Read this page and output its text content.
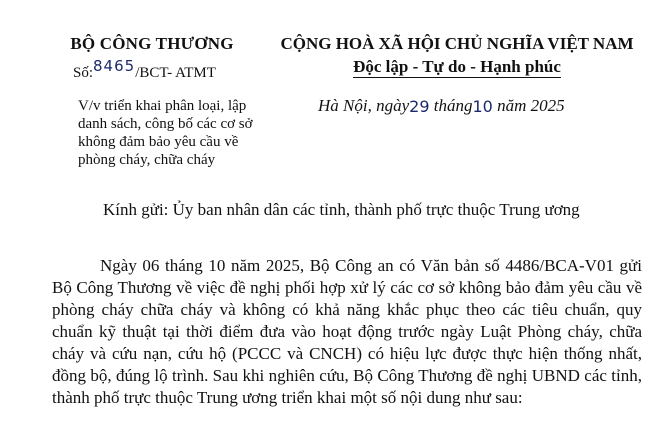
BỘ CÔNG THƯƠNG
Số:8465/BCT- ATMT
V/v triển khai phân loại, lập danh sách, công bố các cơ sở không đảm bảo yêu cầu về phòng cháy, chữa cháy
CỘNG HOÀ XÃ HỘI CHỦ NGHĨA VIỆT NAM
Độc lập - Tự do - Hạnh phúc
Hà Nội, ngày29 tháng10 năm 2025
Kính gửi: Ủy ban nhân dân các tỉnh, thành phố trực thuộc Trung ương
Ngày 06 tháng 10 năm 2025, Bộ Công an có Văn bản số 4486/BCA-V01 gửi Bộ Công Thương về việc đề nghị phối hợp xử lý các cơ sở không bảo đảm yêu cầu về phòng cháy chữa cháy và không có khả năng khắc phục theo các tiêu chuẩn, quy chuẩn kỹ thuật tại thời điểm đưa vào hoạt động trước ngày Luật Phòng cháy, chữa cháy và cứu nạn, cứu hộ (PCCC và CNCH) có hiệu lực được thực hiện thống nhất, đồng bộ, đúng lộ trình. Sau khi nghiên cứu, Bộ Công Thương đề nghị UBND các tỉnh, thành phố trực thuộc Trung ương triển khai một số nội dung như sau:
